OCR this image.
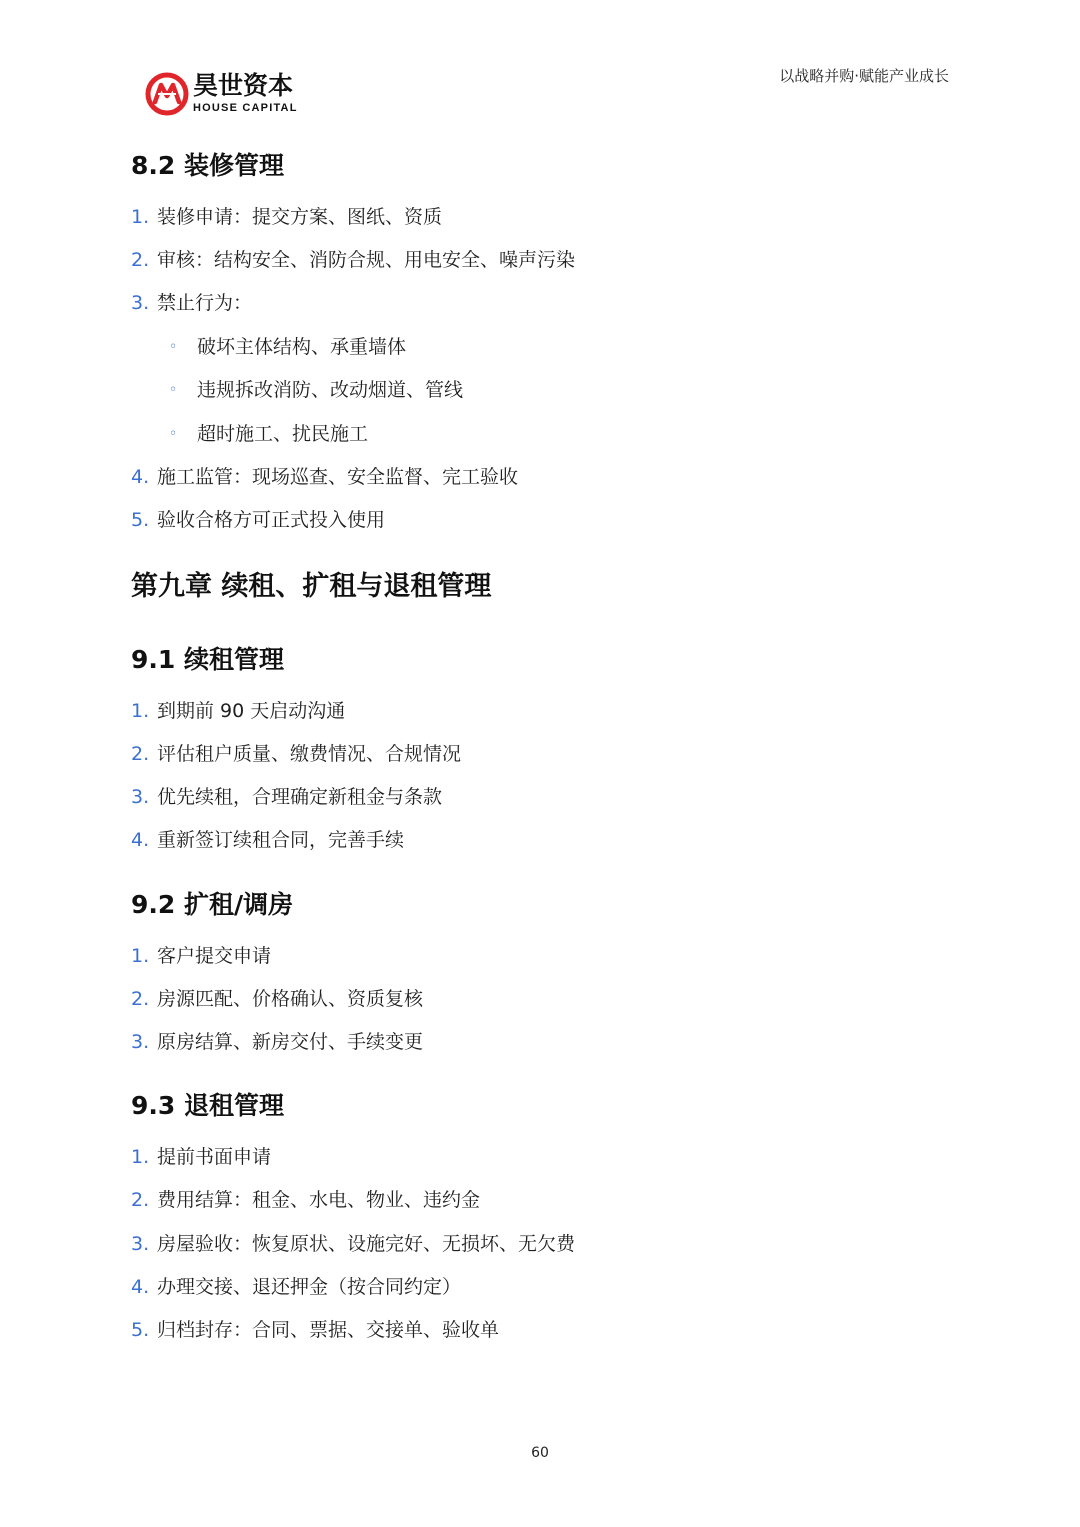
昊世资本
HOUSE CAPITAL
以战略并购·赋能产业成长
8.2 装修管理
1. 装修申请：提交方案、图纸、资质
2. 审核：结构安全、消防合规、用电安全、噪声污染
3. 禁止行为：
◦ 破坏主体结构、承重墙体
◦ 违规拆改消防、改动烟道、管线
◦ 超时施工、扰民施工
4. 施工监管：现场巡查、安全监督、完工验收
5. 验收合格方可正式投入使用
第九章 续租、扩租与退租管理
9.1 续租管理
1. 到期前 90 天启动沟通
2. 评估租户质量、缴费情况、合规情况
3. 优先续租，合理确定新租金与条款
4. 重新签订续租合同，完善手续
9.2 扩租/调房
1. 客户提交申请
2. 房源匹配、价格确认、资质复核
3. 原房结算、新房交付、手续变更
9.3 退租管理
1. 提前书面申请
2. 费用结算：租金、水电、物业、违约金
3. 房屋验收：恢复原状、设施完好、无损坏、无欠费
4. 办理交接、退还押金（按合同约定）
5. 归档封存：合同、票据、交接单、验收单
60
